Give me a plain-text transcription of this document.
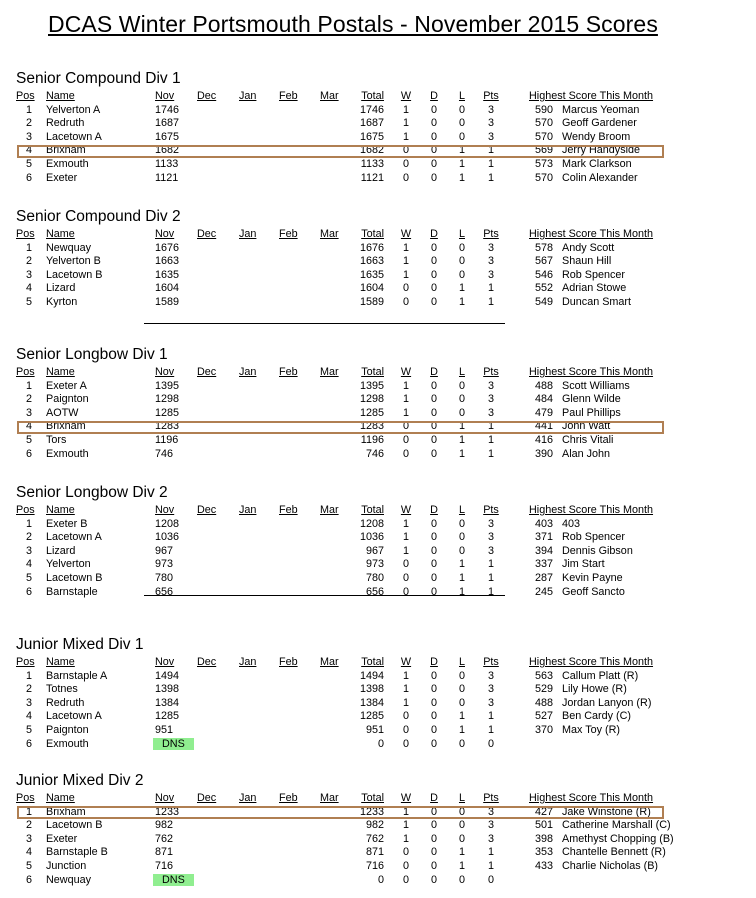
DCAS Winter Portsmouth Postals - November 2015 Scores
Senior Compound Div 1
Pos Name	Nov Dec Jan Feb Mar	Total W	D	L	Pts	Highest Score This Month
1 Yelverton A	1746	1746	1	0	0	3	590 Marcus Yeoman
2 Redruth	1687	1687	1	0	0	3	570 Geoff Gardener
3 Lacetown A	1675	1675	1	0	0	3	570 Wendy Broom
4 Brixham	1682	1682	0	0	1	1	569 Jerry Handyside
5 Exmouth	1133	1133	0	0	1	1	573 Mark Clarkson
6 Exeter	1121	1121	0	0	1	1	570 Colin Alexander
Senior Compound Div 2
Pos Name	Nov Dec Jan Feb Mar	Total W	D	L	Pts	Highest Score This Month
1 Newquay	1676	1676	1	0	0	3	578 Andy Scott
2 Yelverton B	1663	1663	1	0	0	3	567 Shaun Hill
3 Lacetown B	1635	1635	1	0	0	3	546 Rob Spencer
4 Lizard	1604	1604	0	0	1	1	552 Adrian Stowe
5 Kyrton	1589	1589	0	0	1	1	549 Duncan Smart
Senior Longbow Div 1
Pos Name	Nov Dec Jan Feb Mar	Total W	D	L	Pts	Highest Score This Month
1 Exeter A	1395	1395	1	0	0	3	488 Scott Williams
2 Paignton	1298	1298	1	0	0	3	484 Glenn Wilde
3 AOTW	1285	1285	1	0	0	3	479 Paul Phillips
4 Brixham	1283	1283	0	0	1	1	441 John Watt
5 Tors	1196	1196	0	0	1	1	416 Chris Vitali
6 Exmouth	746	746	0	0	1	1	390 Alan John
Senior Longbow Div 2
Pos Name	Nov Dec Jan Feb Mar	Total W	D	L	Pts	Highest Score This Month
1 Exeter B	1208	1208	1	0	0	3	403 403
2 Lacetown A	1036	1036	1	0	0	3	371 Rob Spencer
3 Lizard	967	967	1	0	0	3	394 Dennis Gibson
4 Yelverton	973	973	0	0	1	1	337 Jim Start
5 Lacetown B	780	780	0	0	1	1	287 Kevin Payne
6 Barnstaple	656	656	0	0	1	1	245 Geoff Sancto
Junior Mixed Div 1
Pos Name	Nov Dec Jan Feb Mar	Total W	D	L	Pts	Highest Score This Month
1 Barnstaple A	1494	1494	1	0	0	3	563 Callum Platt (R)
2 Totnes	1398	1398	1	0	0	3	529 Lily Howe (R)
3 Redruth	1384	1384	1	0	0	3	488 Jordan Lanyon (R)
4 Lacetown A	1285	1285	0	0	1	1	527 Ben Cardy (C)
5 Paignton	951	951	0	0	1	1	370 Max Toy (R)
6 Exmouth	DNS	0	0	0	0	0
Junior Mixed Div 2
Pos Name	Nov Dec Jan Feb Mar	Total W	D	L	Pts	Highest Score This Month
1 Brixham	1233	1233	1	0	0	3	427 Jake Winstone (R)
2 Lacetown B	982	982	1	0	0	3	501 Catherine Marshall (C)
3 Exeter	762	762	1	0	0	3	398 Amethyst Chopping (B)
4 Barnstaple B	871	871	0	0	1	1	353 Chantelle Bennett (R)
5 Junction	716	716	0	0	1	1	433 Charlie Nicholas (B)
6 Newquay	DNS	0	0	0	0	0
